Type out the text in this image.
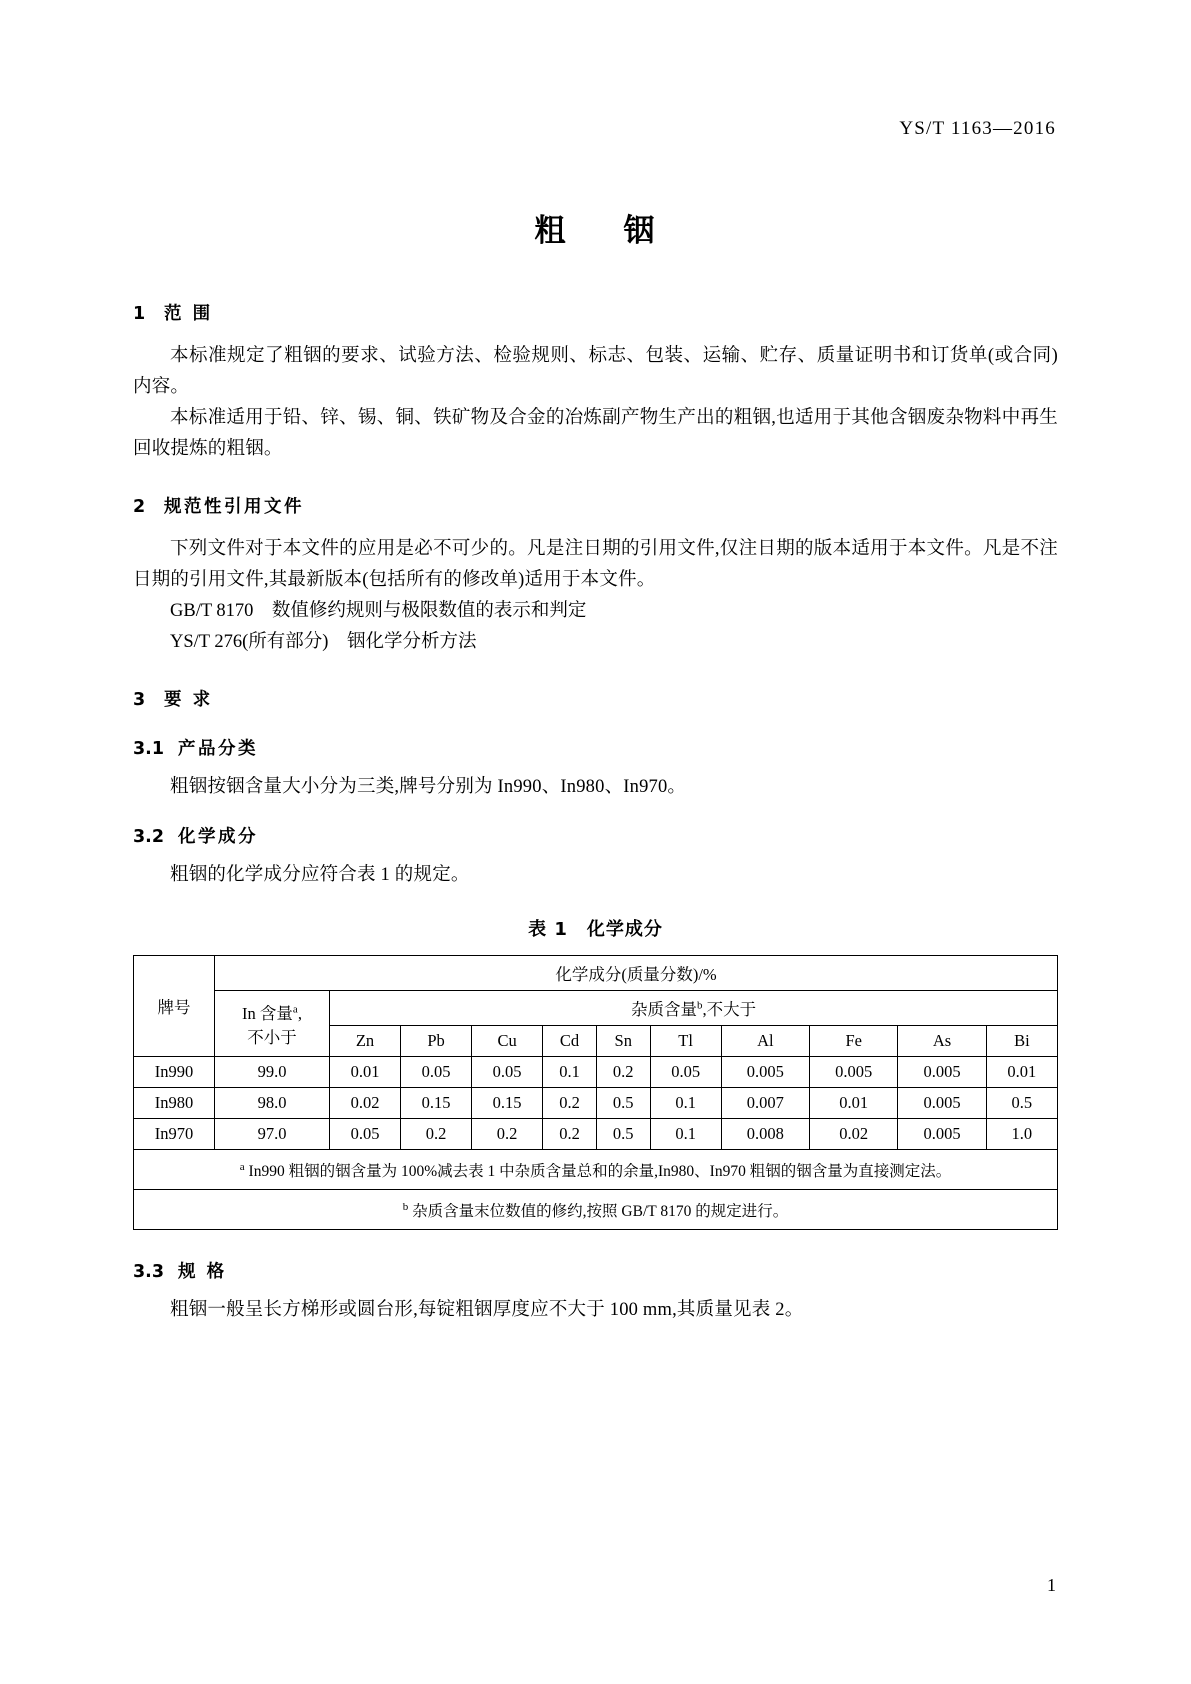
YS/T 1163—2016
粗 铟
1	范 围

本标准规定了粗铟的要求、试验方法、检验规则、标志、包装、运输、贮存、质量证明书和订货单(或合同)内容。

本标准适用于铅、锌、锡、铜、铁矿物及合金的冶炼副产物生产出的粗铟,也适用于其他含铟废杂物料中再生回收提炼的粗铟。

2	规范性引用文件

下列文件对于本文件的应用是必不可少的。凡是注日期的引用文件,仅注日期的版本适用于本文件。凡是不注日期的引用文件,其最新版本(包括所有的修改单)适用于本文件。

GB/T 8170　数值修约规则与极限数值的表示和判定

YS/T 276(所有部分)　铟化学分析方法

3	要 求
3.1 产品分类

粗铟按铟含量大小分为三类,牌号分别为 In990、In980、In970。

3.2 化学成分

粗铟的化学成分应符合表 1 的规定。

表 1　化学成分

牌号	化学成分(质量分数)/%										
	In 含量$^a$,
不小于	杂质含量$^b$,不大于									
		Zn	Pb	Cu	Cd	Sn	Tl	Al	Fe	As	Bi
In990	99.0	0.01	0.05	0.05	0.1	0.2	0.05	0.005	0.005	0.005	0.01
In980	98.0	0.02	0.15	0.15	0.2	0.5	0.1	0.007	0.01	0.005	0.5
In970	97.0	0.05	0.2	0.2	0.2	0.5	0.1	0.008	0.02	0.005	1.0
$^a$ In990 粗铟的铟含量为 100%减去表 1 中杂质含量总和的余量,In980、In970 粗铟的铟含量为直接测定法。											
$^b$ 杂质含量末位数值的修约,按照 GB/T 8170 的规定进行。											
3.3 规 格

粗铟一般呈长方梯形或圆台形,每锭粗铟厚度应不大于 100 mm,其质量见表 2。

1
